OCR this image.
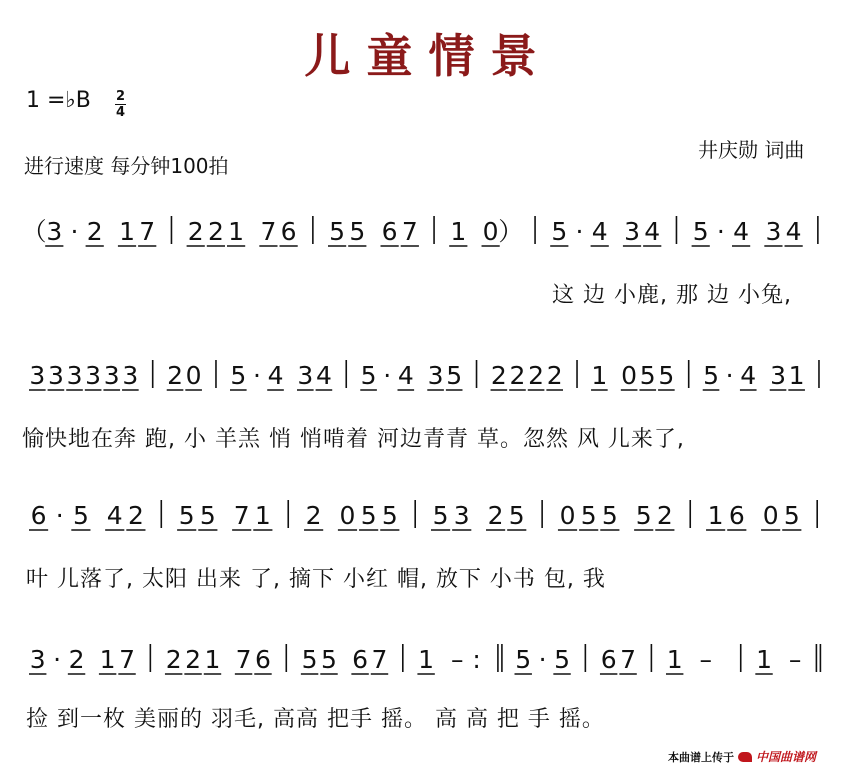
儿童情景
1 =♭B 2
4
进行速度 每分钟100拍
井庆勋 词曲
（ 3 · 2 1 7 2 2 1 7 6 5 5 6 7 1 0 ） 5 · 4 3 4 5 · 4 3 4
3 3 3 3 3 3 2 0 5 · 4 3 4 5 · 4 3 5 2 2 2 2 1 0 5 5 5 · 4 3 1
6 · 5 4 2 5 5 7 1 2 0 5 5 5 3 2 5 0 5 5 5 2 1 6 0 5
3 · 2 1 7 2 2 1 7 6 5 5 6 7 1 – : 5 · 5 6 7 1 – 1 –
这 边 小鹿, 那 边 小兔,
愉快地在奔 跑, 小 羊羔 悄 悄啃着 河边青青 草。忽然 风 儿来了,
叶 儿落了, 太阳 出来 了, 摘下 小红 帽, 放下 小书 包, 我
捡 到一枚 美丽的 羽毛, 高高 把手 摇。 高 高 把 手 摇。
本曲谱上传于 中国曲谱网
